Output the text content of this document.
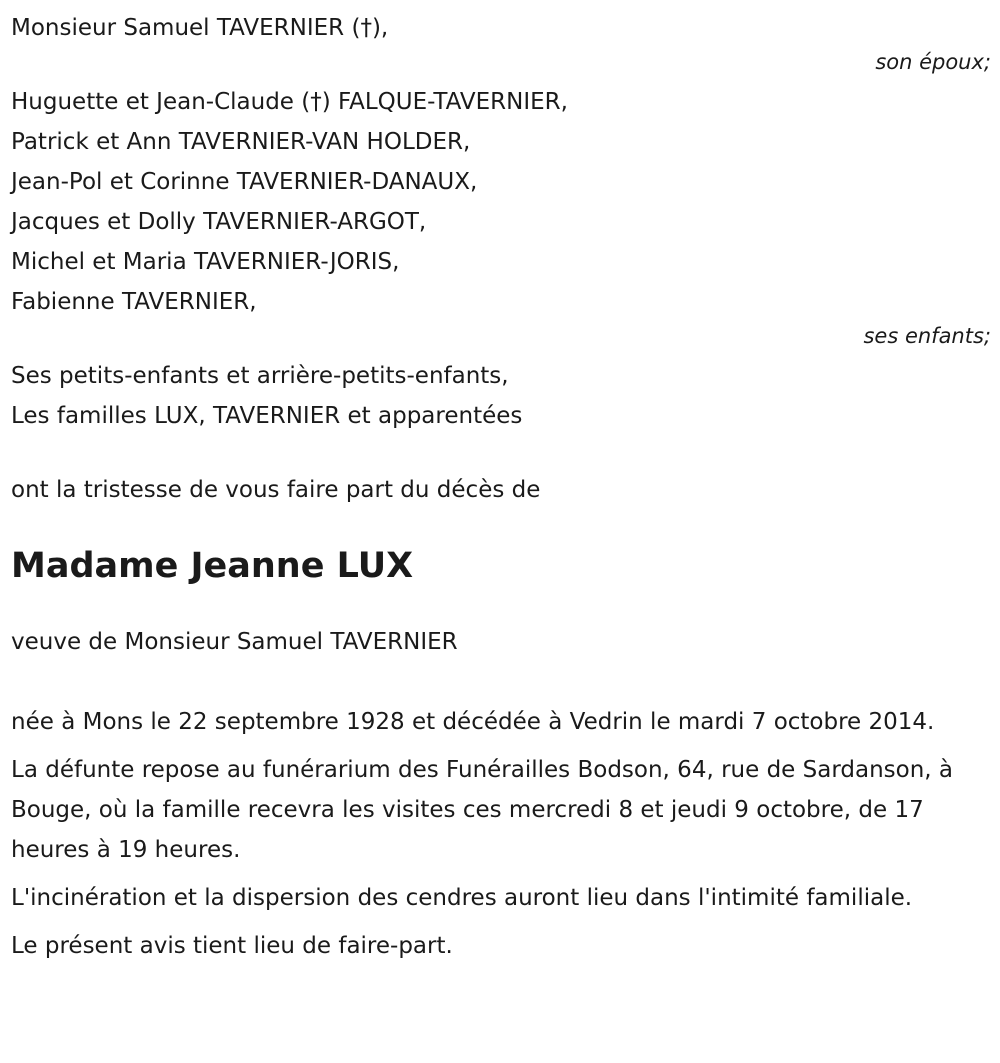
Monsieur Samuel TAVERNIER (†),

son époux;

Huguette et Jean-Claude (†) FALQUE-TAVERNIER,

Patrick et Ann TAVERNIER-VAN HOLDER,

Jean-Pol et Corinne TAVERNIER-DANAUX,

Jacques et Dolly TAVERNIER-ARGOT,

Michel et Maria TAVERNIER-JORIS,

Fabienne TAVERNIER,

ses enfants;

Ses petits-enfants et arrière-petits-enfants,

Les familles LUX, TAVERNIER et apparentées

ont la tristesse de vous faire part du décès de

Madame Jeanne LUX

veuve de Monsieur Samuel TAVERNIER

née à Mons le 22 septembre 1928 et décédée à Vedrin le mardi 7 octobre 2014.

La défunte repose au funérarium des Funérailles Bodson, 64, rue de Sardanson, à Bouge, où la famille recevra les visites ces mercredi 8 et jeudi 9 octobre, de 17 heures à 19 heures.

L'incinération et la dispersion des cendres auront lieu dans l'intimité familiale.

Le présent avis tient lieu de faire-part.
